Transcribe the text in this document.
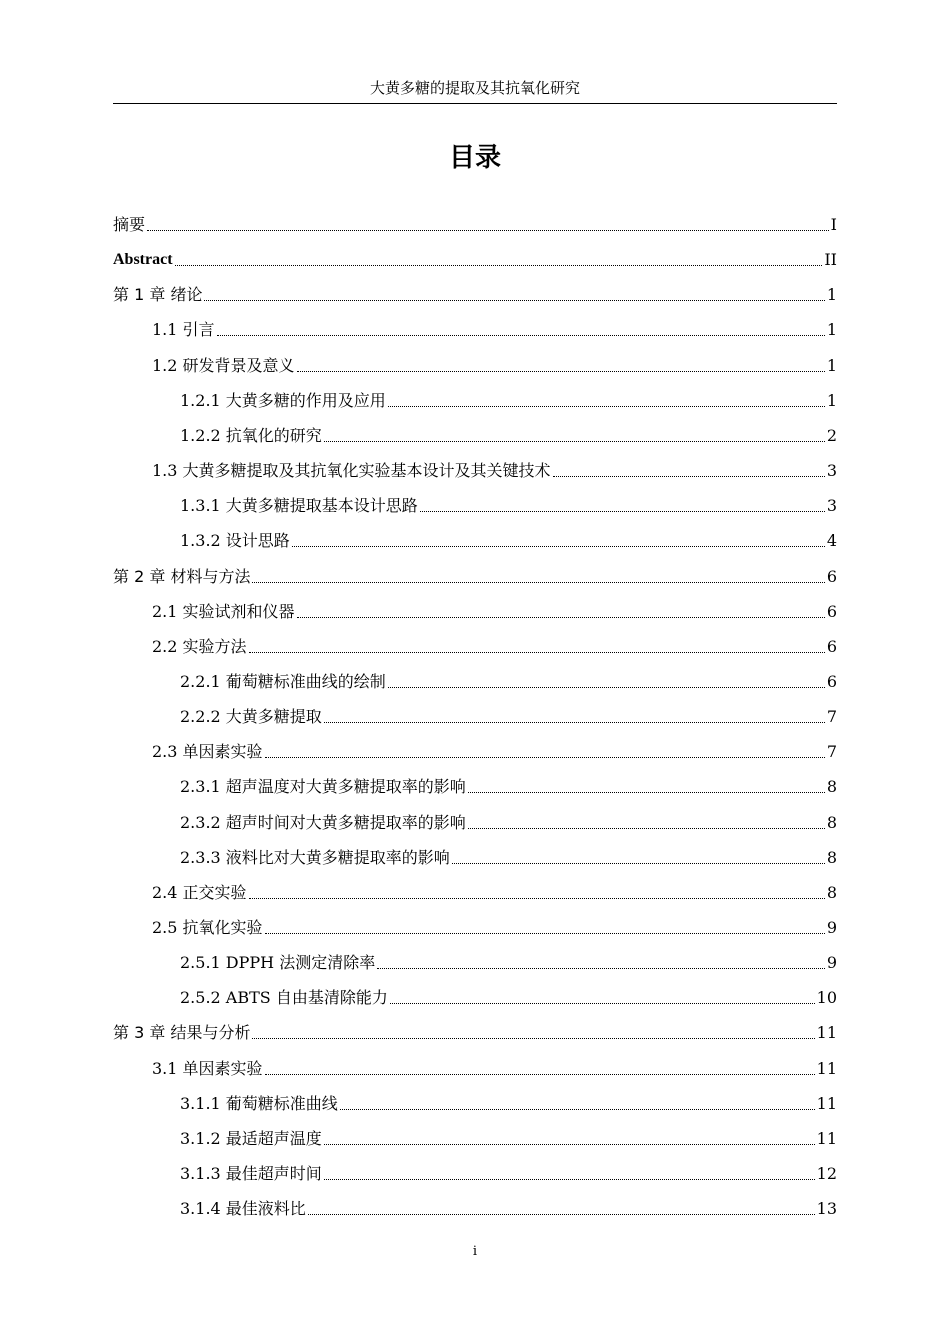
大黄多糖的提取及其抗氧化研究
目录
摘要	I
Abstract	II
第 1 章 绪论	1
1.1 引言	1
1.2 研发背景及意义	1
1.2.1 大黄多糖的作用及应用	1
1.2.2 抗氧化的研究	2
1.3 大黄多糖提取及其抗氧化实验基本设计及其关键技术	3
1.3.1 大黄多糖提取基本设计思路	3
1.3.2 设计思路	4
第 2 章 材料与方法	6
2.1 实验试剂和仪器	6
2.2 实验方法	6
2.2.1 葡萄糖标准曲线的绘制	6
2.2.2 大黄多糖提取	7
2.3 单因素实验	7
2.3.1 超声温度对大黄多糖提取率的影响	8
2.3.2 超声时间对大黄多糖提取率的影响	8
2.3.3 液料比对大黄多糖提取率的影响	8
2.4 正交实验	8
2.5 抗氧化实验	9
2.5.1 DPPH 法测定清除率	9
2.5.2 ABTS 自由基清除能力	10
第 3 章 结果与分析	11
3.1 单因素实验	11
3.1.1 葡萄糖标准曲线	11
3.1.2 最适超声温度	11
3.1.3 最佳超声时间	12
3.1.4 最佳液料比	13
i
